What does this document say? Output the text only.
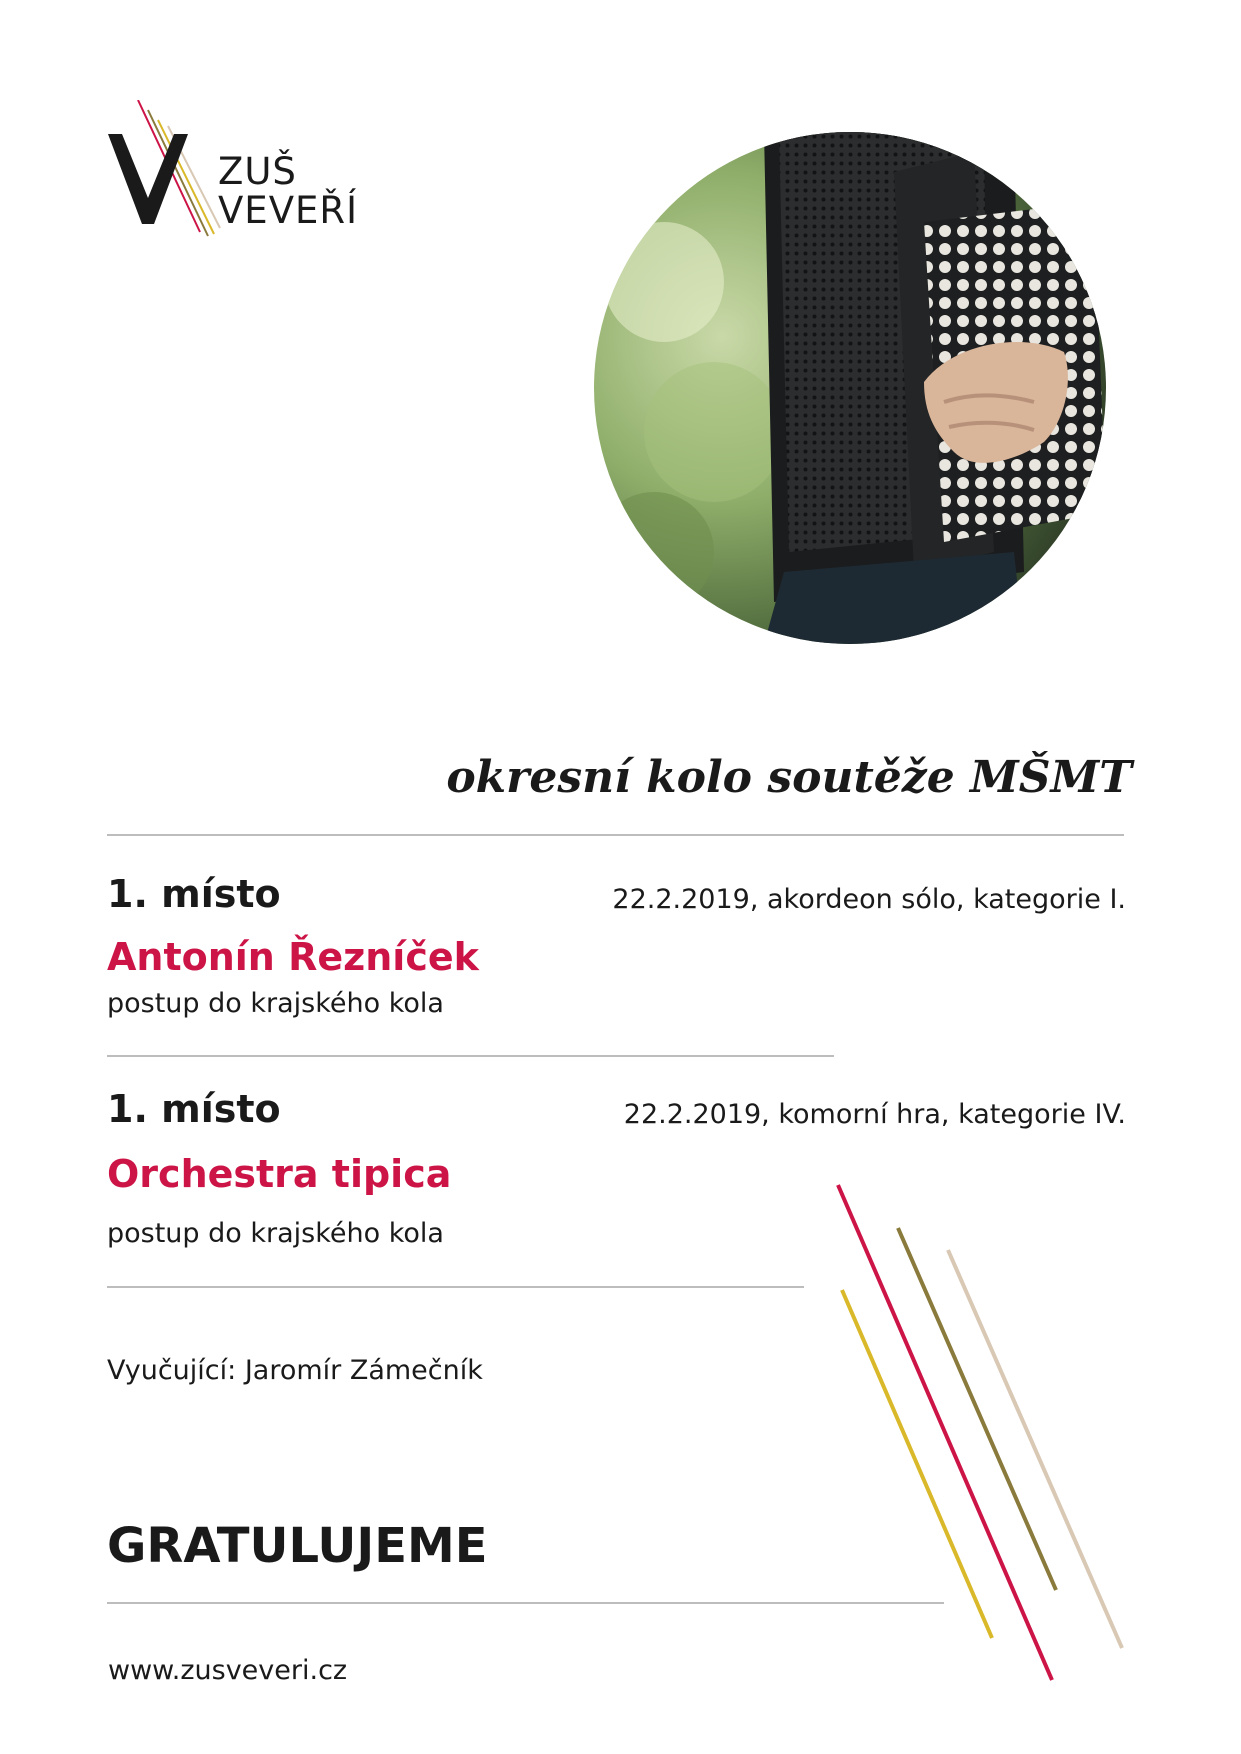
ZUŠ
VEVEŘÍ
okresní kolo soutěže MŠMT
1. místo	22.2.2019, akordeon sólo, kategorie I.
Antonín Řezníček
postup do krajského kola
1. místo	22.2.2019, komorní hra, kategorie IV.
Orchestra tipica
postup do krajského kola
Vyučující: Jaromír Zámečník
GRATULUJEME
www.zusveveri.cz
